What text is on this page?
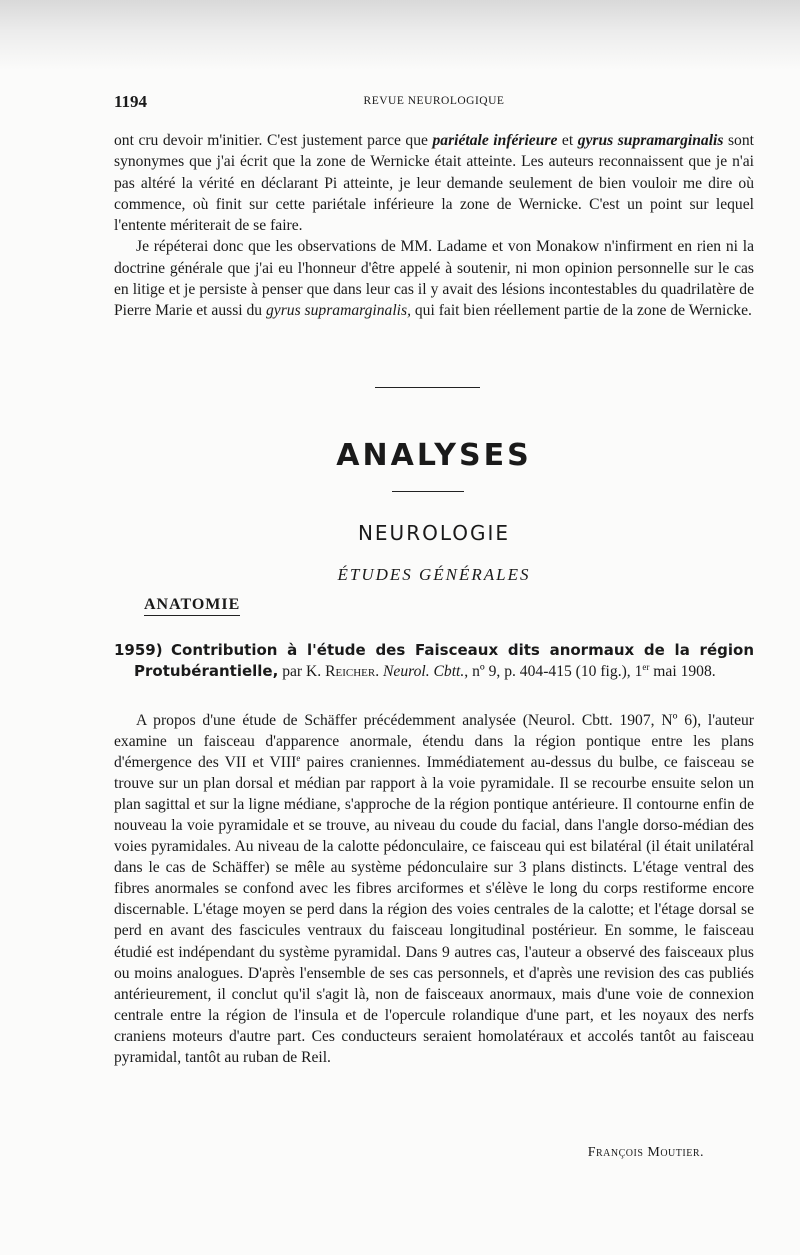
1194	REVUE NEUROLOGIQUE

ont cru devoir m'initier. C'est justement parce que pariétale inférieure et gyrus supramarginalis sont synonymes que j'ai écrit que la zone de Wernicke était atteinte. Les auteurs reconnaissent que je n'ai pas altéré la vérité en déclarant Pi atteinte, je leur demande seulement de bien vouloir me dire où commence, où finit sur cette pariétale inférieure la zone de Wernicke. C'est un point sur lequel l'entente mériterait de se faire.

Je répéterai donc que les observations de MM. Ladame et von Monakow n'infirment en rien ni la doctrine générale que j'ai eu l'honneur d'être appelé à soutenir, ni mon opinion personnelle sur le cas en litige et je persiste à penser que dans leur cas il y avait des lésions incontestables du quadrilatère de Pierre Marie et aussi du gyrus supramarginalis, qui fait bien réellement partie de la zone de Wernicke.

ANALYSES
NEUROLOGIE
ÉTUDES GÉNÉRALES
ANATOMIE

1959) Contribution à l'étude des Faisceaux dits anormaux de la région Protubérantielle, par K. Reicher. Neurol. Cbtt., nº 9, p. 404-415 (10 fig.), 1er mai 1908.

A propos d'une étude de Schäffer précédemment analysée (Neurol. Cbtt. 1907, Nº 6), l'auteur examine un faisceau d'apparence anormale, étendu dans la région pontique entre les plans d'émergence des VII et VIIIe paires craniennes. Immédiatement au-dessus du bulbe, ce faisceau se trouve sur un plan dorsal et médian par rapport à la voie pyramidale. Il se recourbe ensuite selon un plan sagittal et sur la ligne médiane, s'approche de la région pontique antérieure. Il contourne enfin de nouveau la voie pyramidale et se trouve, au niveau du coude du facial, dans l'angle dorso-médian des voies pyramidales. Au niveau de la calotte pédonculaire, ce faisceau qui est bilatéral (il était unilatéral dans le cas de Schäffer) se mêle au système pédonculaire sur 3 plans distincts. L'étage ventral des fibres anormales se confond avec les fibres arciformes et s'élève le long du corps restiforme encore discernable. L'étage moyen se perd dans la région des voies centrales de la calotte; et l'étage dorsal se perd en avant des fascicules ventraux du faisceau longitudinal postérieur. En somme, le faisceau étudié est indépendant du système pyramidal. Dans 9 autres cas, l'auteur a observé des faisceaux plus ou moins analogues. D'après l'ensemble de ses cas personnels, et d'après une revision des cas publiés antérieurement, il conclut qu'il s'agit là, non de faisceaux anormaux, mais d'une voie de connexion centrale entre la région de l'insula et de l'opercule rolandique d'une part, et les noyaux des nerfs craniens moteurs d'autre part. Ces conducteurs seraient homolatéraux et accolés tantôt au faisceau pyramidal, tantôt au ruban de Reil.

François Moutier.
